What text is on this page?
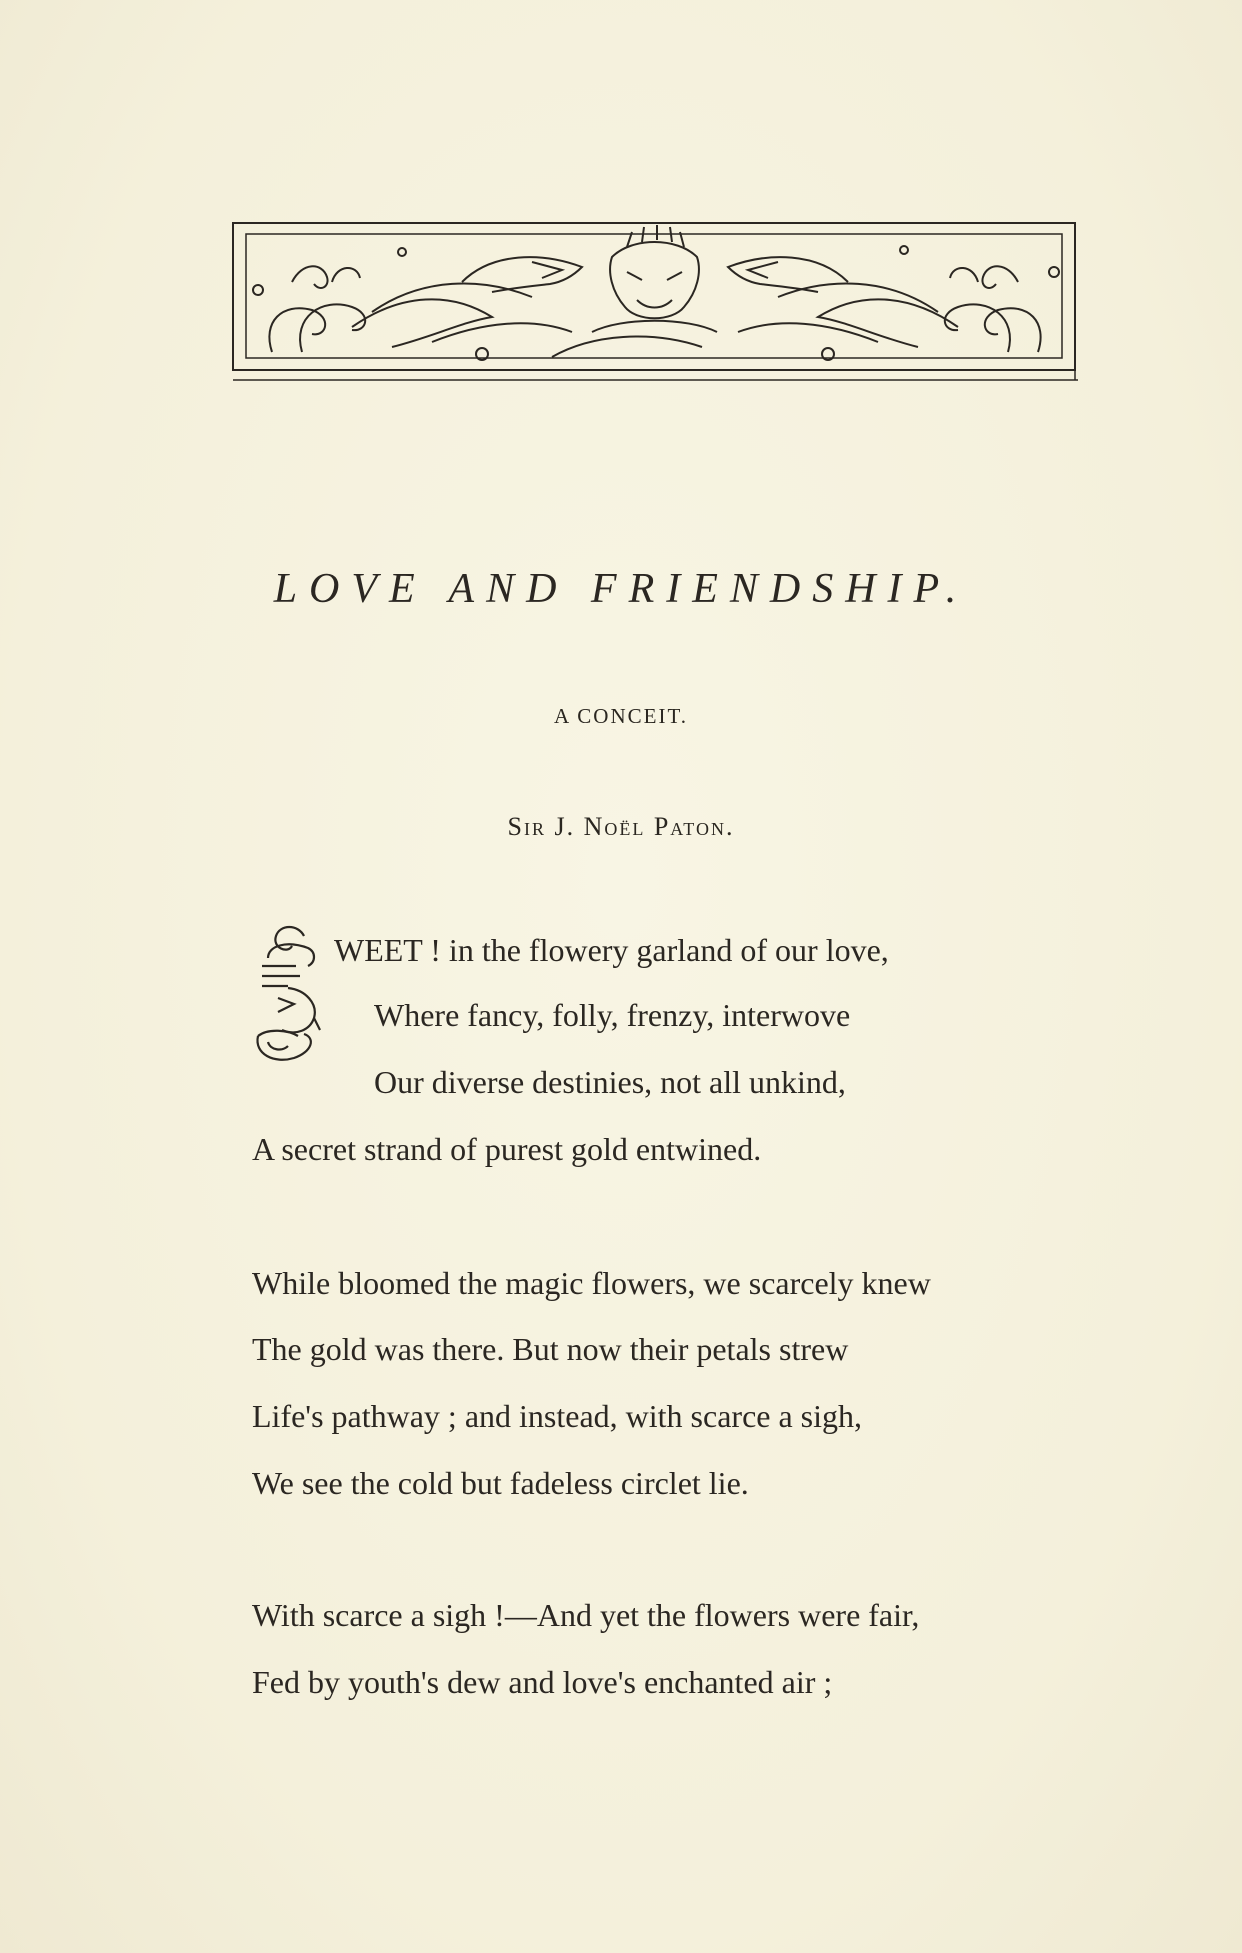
LOVE AND FRIENDSHIP.
A CONCEIT.
Sir J. Noël Paton.
WEET ! in the flowery garland of our love,
Where fancy, folly, frenzy, interwove
Our diverse destinies, not all unkind,
A secret strand of purest gold entwined.
While bloomed the magic flowers, we scarcely knew
The gold was there. But now their petals strew
Life's pathway ; and instead, with scarce a sigh,
We see the cold but fadeless circlet lie.
With scarce a sigh !—And yet the flowers were fair,
Fed by youth's dew and love's enchanted air ;
